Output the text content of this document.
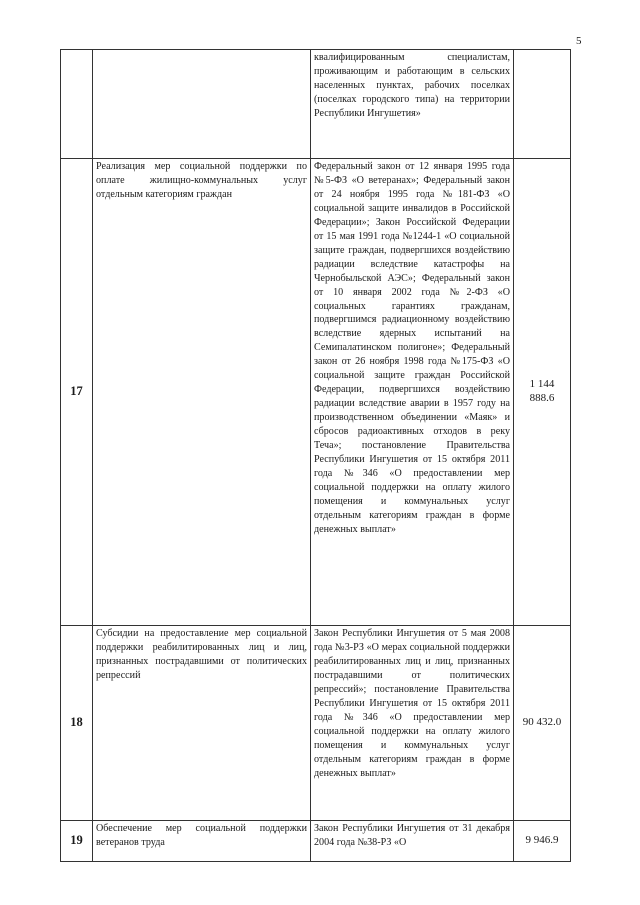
5
		квалифицированным специалистам, проживающим и работающим в сельских населенных пунктах, рабочих поселках (поселках городского типа) на территории Республики Ингушетия»	
17	Реализация мер социальной поддержки по оплате жилищно-коммунальных услуг отдельным категориям граждан	Федеральный закон от 12 января 1995 года №5-ФЗ «О ветеранах»; Федеральный закон от 24 ноября 1995 года №181-ФЗ «О социальной защите инвалидов в Российской Федерации»; Закон Российской Федерации от 15 мая 1991 года №1244-1 «О социальной защите граждан, подвергшихся воздействию радиации вследствие катастрофы на Чернобыльской АЭС»; Федеральный закон от 10 января 2002 года №2-ФЗ «О социальных гарантиях гражданам, подвергшимся радиационному воздействию вследствие ядерных испытаний на Семипалатинском полигоне»; Федеральный закон от 26 ноября 1998 года №175-ФЗ «О социальной защите граждан Российской Федерации, подвергшихся воздействию радиации вследствие аварии в 1957 году на производственном объединении «Маяк» и сбросов радиоактивных отходов в реку Теча»; постановление Правительства Республики Ингушетия от 15 октября 2011 года №346 «О предоставлении мер социальной поддержки на оплату жилого помещения и коммунальных услуг отдельным категориям граждан в форме денежных выплат»	1 144 888.6
18	Субсидии на предоставление мер социальной поддержки реабилитированных лиц и лиц, признанных пострадавшими от политических репрессий	Закон Республики Ингушетия от 5 мая 2008 года №3-РЗ «О мерах социальной поддержки реабилитированных лиц и лиц, признанных пострадавшими от политических репрессий»; постановление Правительства Республики Ингушетия от 15 октября 2011 года №346 «О предоставлении мер социальной поддержки на оплату жилого помещения и коммунальных услуг отдельным категориям граждан в форме денежных выплат»	90 432.0
19	Обеспечение мер социальной поддержки ветеранов труда	Закон Республики Ингушетия от 31 декабря 2004 года №38-РЗ «О	9 946.9
